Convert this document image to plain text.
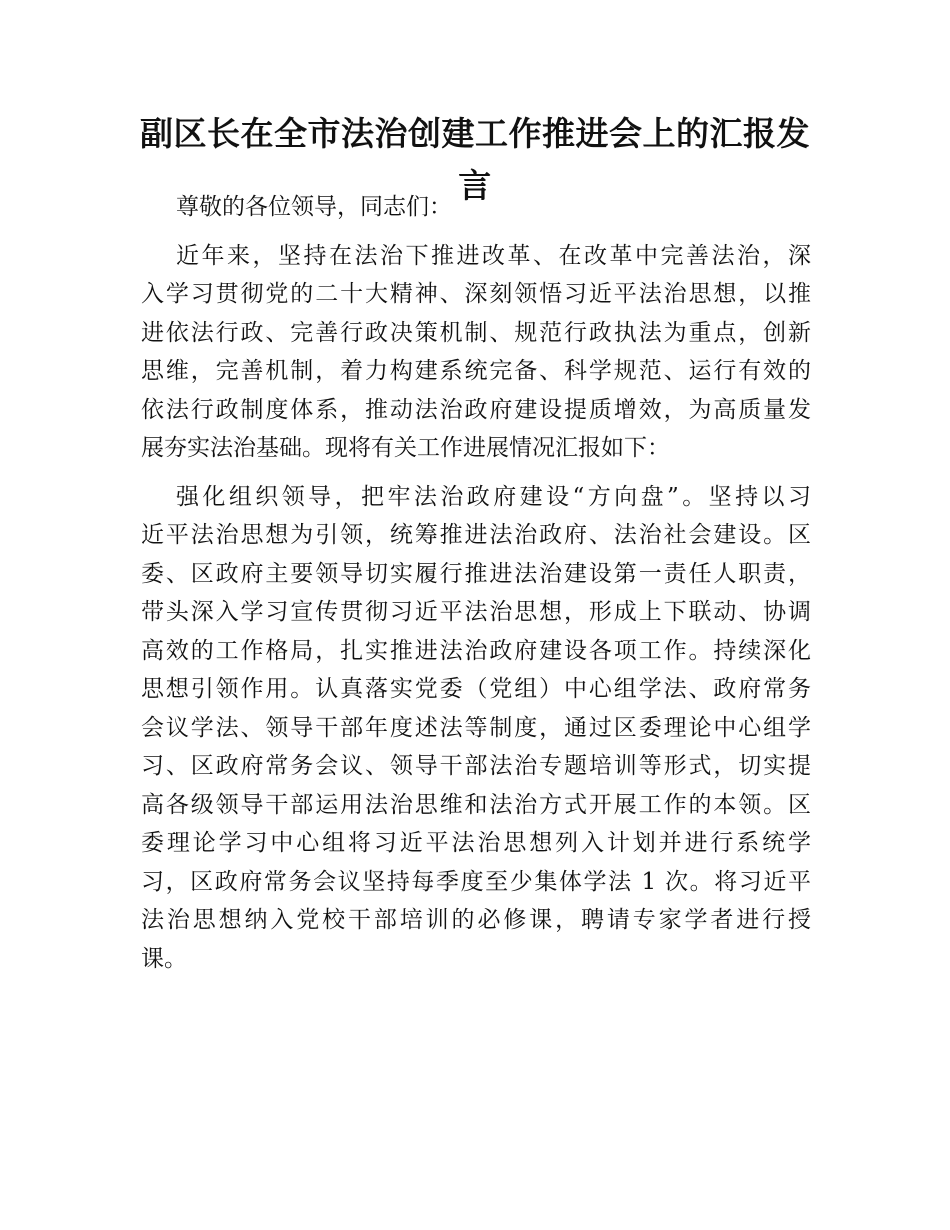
副区长在全市法治创建工作推进会上的汇报发
言
尊敬的各位领导，同志们：
近年来，坚持在法治下推进改革、在改革中完善法治，深
入学习贯彻党的二十大精神、深刻领悟习近平法治思想，以推
进依法行政、完善行政决策机制、规范行政执法为重点，创新
思维，完善机制，着力构建系统完备、科学规范、运行有效的
依法行政制度体系，推动法治政府建设提质增效，为高质量发
展夯实法治基础。现将有关工作进展情况汇报如下：
强化组织领导，把牢法治政府建设“方向盘”。坚持以习
近平法治思想为引领，统筹推进法治政府、法治社会建设。区
委、区政府主要领导切实履行推进法治建设第一责任人职责，
带头深入学习宣传贯彻习近平法治思想，形成上下联动、协调
高效的工作格局，扎实推进法治政府建设各项工作。持续深化
思想引领作用。认真落实党委（党组）中心组学法、政府常务
会议学法、领导干部年度述法等制度，通过区委理论中心组学
习、区政府常务会议、领导干部法治专题培训等形式，切实提
高各级领导干部运用法治思维和法治方式开展工作的本领。区
委理论学习中心组将习近平法治思想列入计划并进行系统学
习，区政府常务会议坚持每季度至少集体学法 1 次。将习近平
法治思想纳入党校干部培训的必修课，聘请专家学者进行授
课。
